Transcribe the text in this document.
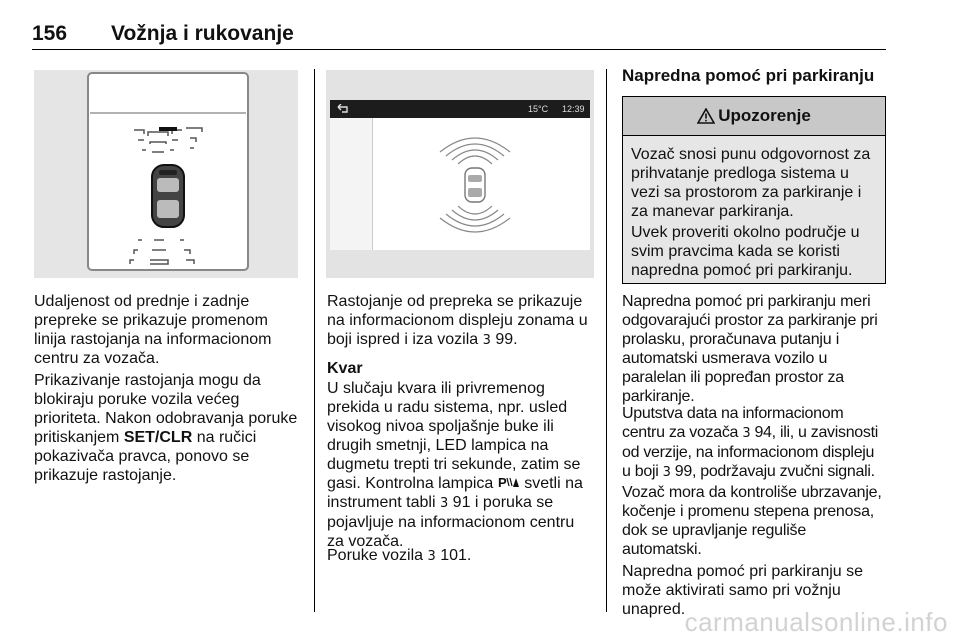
156 Vožnja i rukovanje
Udaljenost od prednje i zadnje
prepreke se prikazuje promenom
linija rastojanja na informacionom
centru za vozača.
Prikazivanje rastojanja mogu da
blokiraju poruke vozila većeg
prioriteta. Nakon odobravanja poruke
pritiskanjem SET/CLR na ručici
pokazivača pravca, ponovo se
prikazuje rastojanje.
15°C 12:39
Rastojanje od prepreka se prikazuje
na informacionom displeju zonama u
boji ispred i iza vozila 3 99.
Kvar
U slučaju kvara ili privremenog
prekida u radu sistema, npr. usled
visokog nivoa spoljašnje buke ili
drugih smetnji, LED lampica na
dugmetu trepti tri sekunde, zatim se
gasi. Kontrolna lampica P svetli na
instrument tabli 3 91 i poruka se
pojavljuje na informacionom centru
za vozača.
Poruke vozila 3 101.
Napredna pomoć pri parkiranju
Upozorenje
Vozač snosi punu odgovornost za
prihvatanje predloga sistema u
vezi sa prostorom za parkiranje i
za manevar parkiranja.
Uvek proveriti okolno područje u
svim pravcima kada se koristi
napredna pomoć pri parkiranju.
Napredna pomoć pri parkiranju meri
odgovarajući prostor za parkiranje pri
prolasku, proračunava putanju i
automatski usmerava vozilo u
paralelan ili popređan prostor za
parkiranje.
Uputstva data na informacionom
centru za vozača 3 94, ili, u zavisnosti
od verzije, na informacionom displeju
u boji 3 99, podržavaju zvučni signali.
Vozač mora da kontroliše ubrzavanje,
kočenje i promenu stepena prenosa,
dok se upravljanje reguliše
automatski.
Napredna pomoć pri parkiranju se
može aktivirati samo pri vožnju
unapred. carmanualsonline.info
